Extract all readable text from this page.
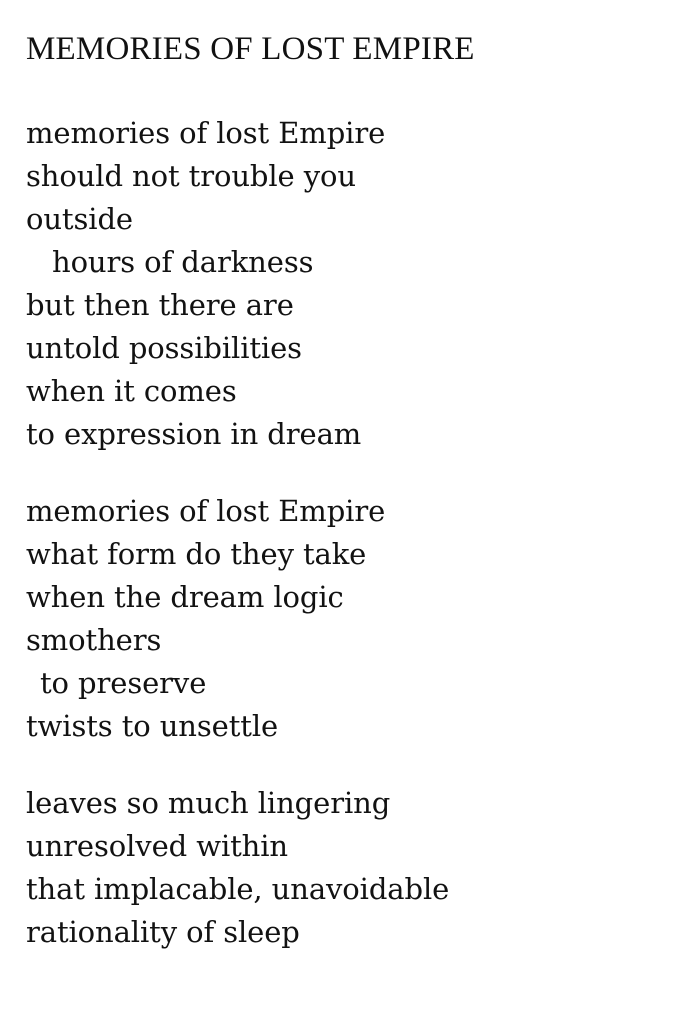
MEMORIES OF LOST EMPIRE
memories of lost Empire
should not trouble you
outside
hours of darkness
but then there are
untold possibilities
when it comes
to expression in dream
memories of lost Empire
what form do they take
when the dream logic
smothers
to preserve
twists to unsettle
leaves so much lingering
unresolved within
that implacable, unavoidable
rationality of sleep
